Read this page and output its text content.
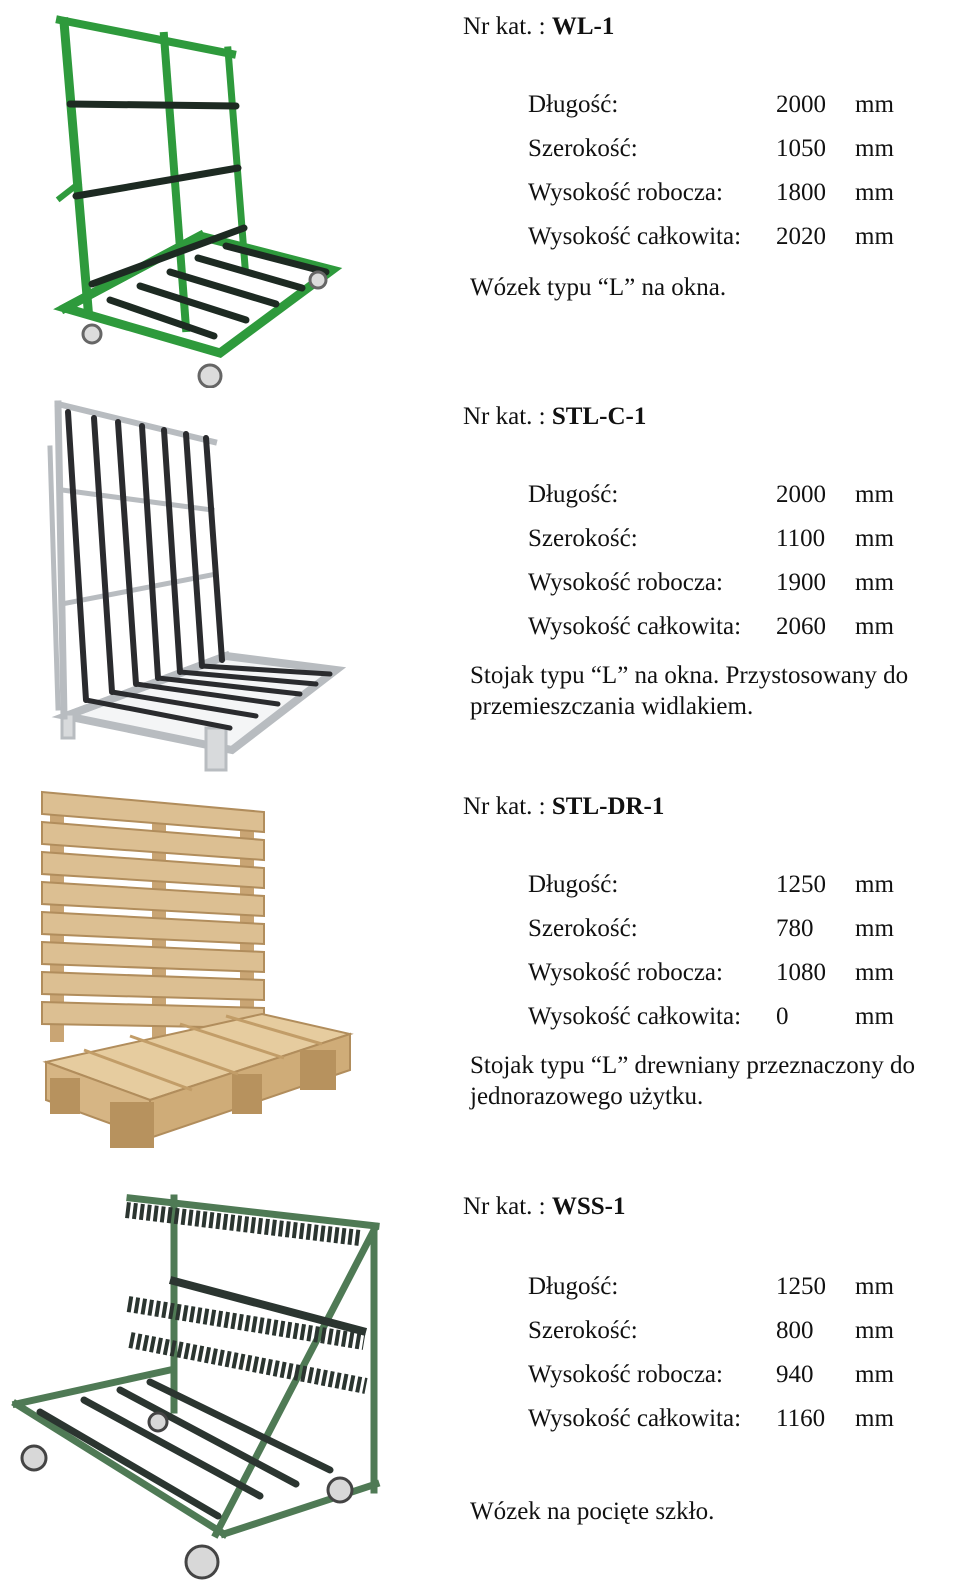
Nr kat. : WL-1
Długość:	2000 mm
Szerokość:	1050 mm
Wysokość robocza: 1800 mm
Wysokość całkowita: 2020 mm
Wózek typu “L” na okna.
Nr kat. : STL-C-1
Długość:	2000 mm
Szerokość:	1100 mm
Wysokość robocza: 1900 mm
Wysokość całkowita: 2060 mm
Stojak typu “L” na okna. Przystosowany do przemieszczania widlakiem.
Nr kat. : STL-DR-1
Długość:	1250 mm
Szerokość:	780 mm
Wysokość robocza: 1080 mm
Wysokość całkowita: 0	mm
Stojak typu “L” drewniany przeznaczony do jednorazowego użytku.
Nr kat. : WSS-1
Długość:	1250 mm
Szerokość:	800 mm
Wysokość robocza: 940 mm
Wysokość całkowita: 1160 mm
Wózek na pocięte szkło.
